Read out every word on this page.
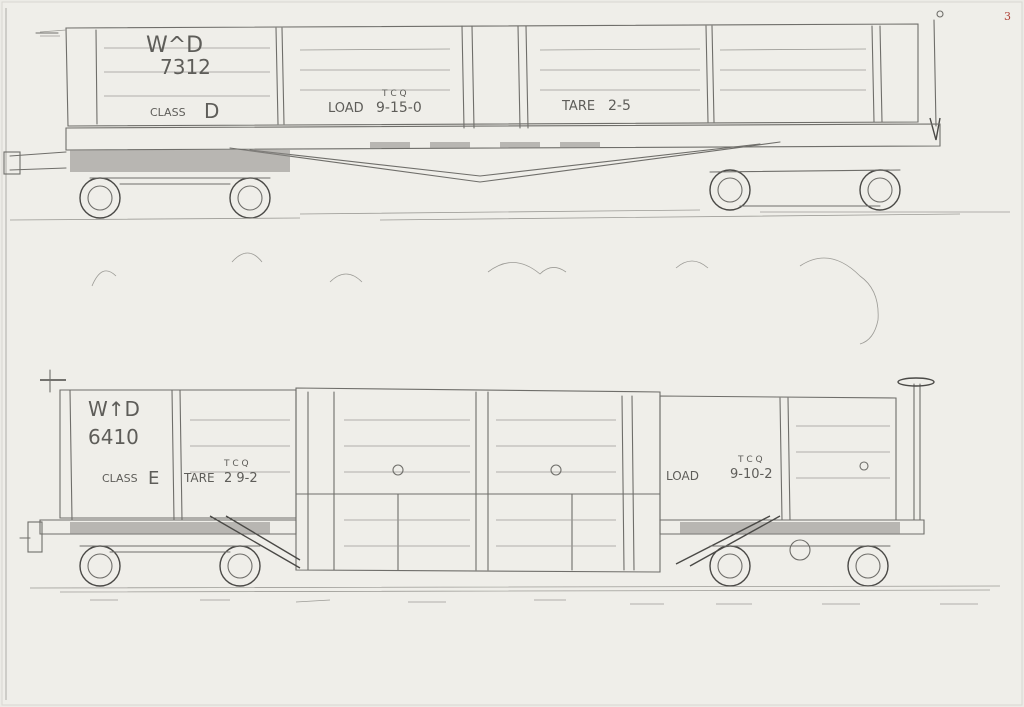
3
W^D
7312
CLASS D	LOAD
T C Q
9-15-0	TARE 2-5
W↑D
6410
CLASS E TARE
T C Q
2 9-2	LOAD
T C Q
9-10-2
